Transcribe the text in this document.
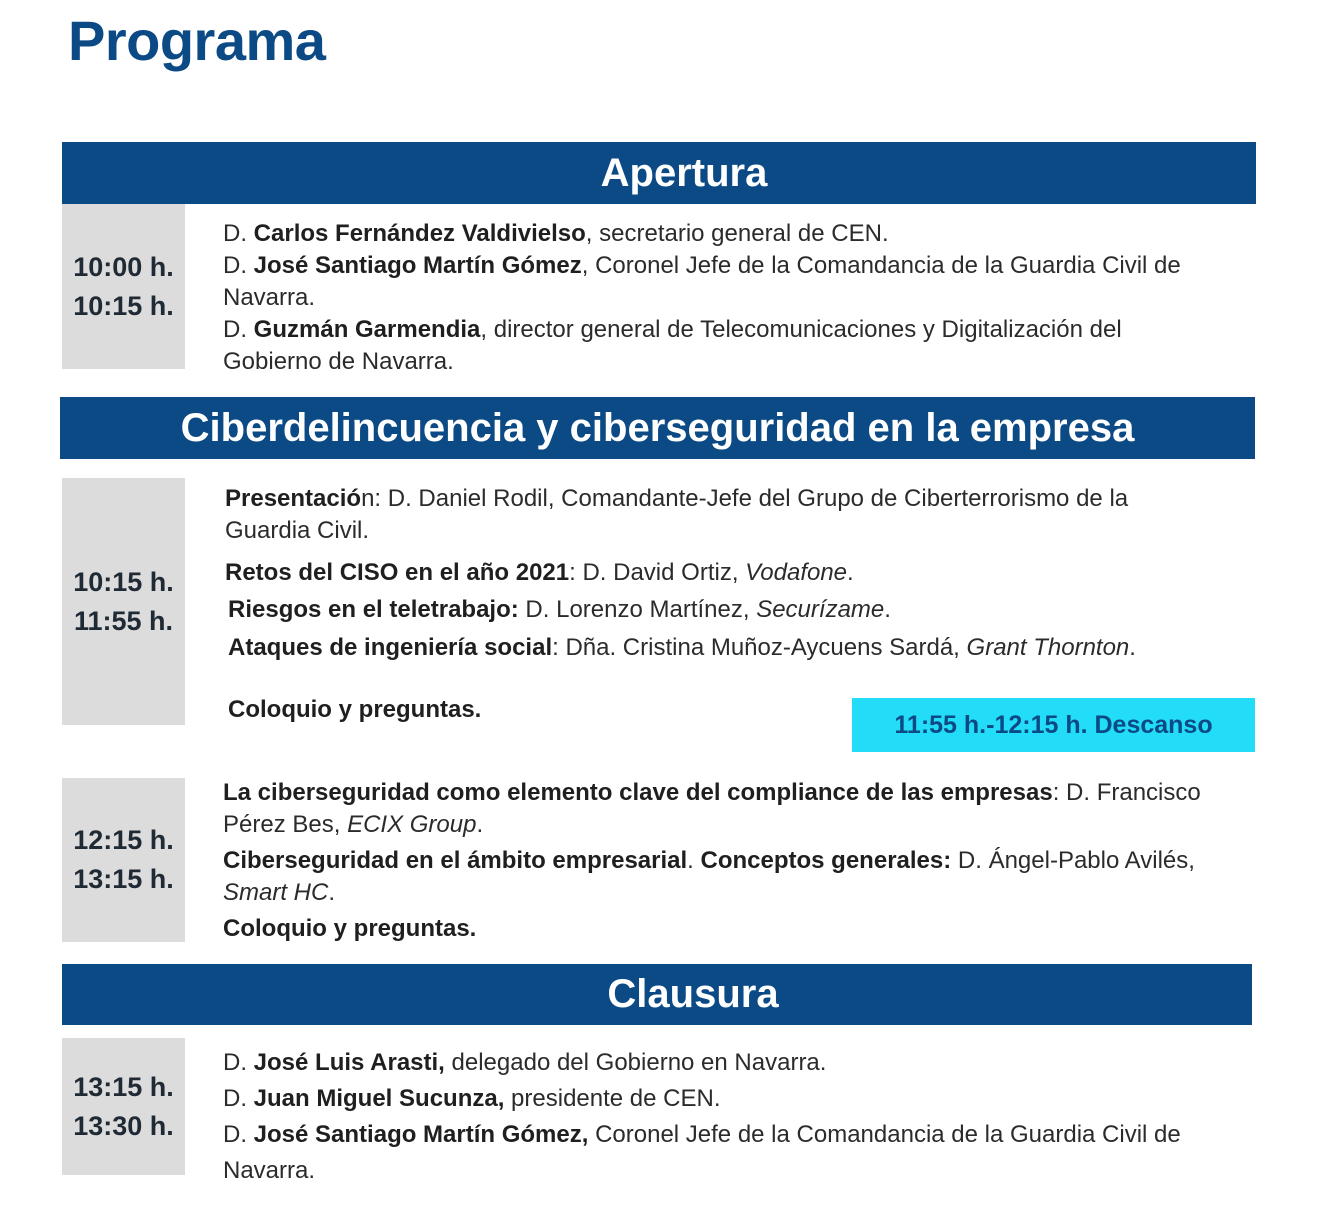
Programa
Apertura
10:00 h.
10:15 h.
D. Carlos Fernández Valdivielso, secretario general de CEN.
D. José Santiago Martín Gómez, Coronel Jefe de la Comandancia de la Guardia Civil de
Navarra.
D. Guzmán Garmendia, director general de Telecomunicaciones y Digitalización del
Gobierno de Navarra.
Ciberdelincuencia y ciberseguridad en la empresa
10:15 h.
11:55 h.
Presentación: D. Daniel Rodil, Comandante-Jefe del Grupo de Ciberterrorismo de la
Guardia Civil.
Retos del CISO en el año 2021: D. David Ortiz, Vodafone.
Riesgos en el teletrabajo: D. Lorenzo Martínez, Securízame.
Ataques de ingeniería social: Dña. Cristina Muñoz-Aycuens Sardá, Grant Thornton.
Coloquio y preguntas.
11:55 h.-12:15 h. Descanso
12:15 h.
13:15 h.
La ciberseguridad como elemento clave del compliance de las empresas: D. Francisco
Pérez Bes, ECIX Group.
Ciberseguridad en el ámbito empresarial. Conceptos generales: D. Ángel-Pablo Avilés,
Smart HC.
Coloquio y preguntas.
Clausura
13:15 h.
13:30 h.
D. José Luis Arasti, delegado del Gobierno en Navarra.
D. Juan Miguel Sucunza, presidente de CEN.
D. José Santiago Martín Gómez, Coronel Jefe de la Comandancia de la Guardia Civil de
Navarra.
